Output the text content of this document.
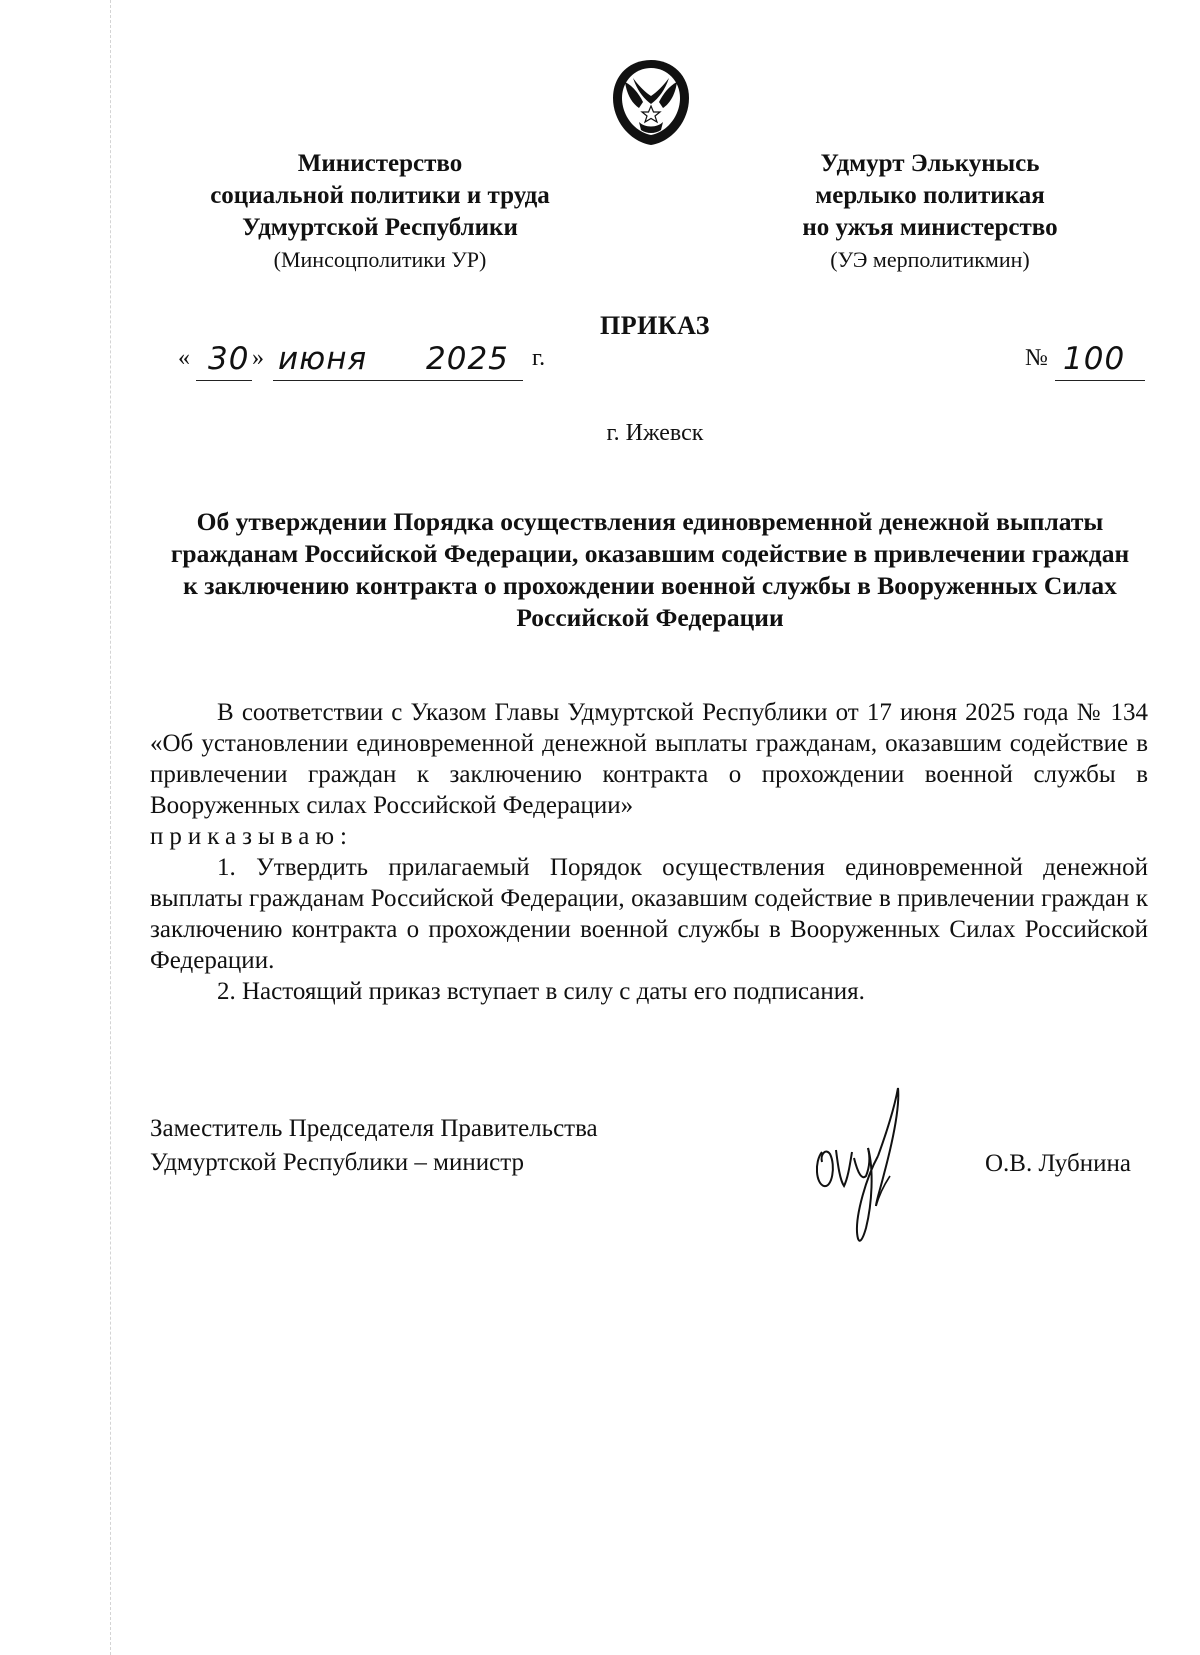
Министерство
социальной политики и труда
Удмуртской Республики
(Минсоцполитики УР)
Удмурт Элькунысь
мерлыко политикая
но ужъя министерство
(УЭ мерполитикмин)
ПРИКАЗ
« 30 » июня 2025 г.	№ 100
г. Ижевск
Об утверждении Порядка осуществления единовременной денежной выплаты гражданам Российской Федерации, оказавшим содействие в привлечении граждан к заключению контракта о прохождении военной службы в Вооруженных Силах Российской Федерации

В соответствии с Указом Главы Удмуртской Республики от 17 июня 2025 года № 134 «Об установлении единовременной денежной выплаты гражданам, оказавшим содействие в привлечении граждан к заключению контракта о прохождении военной службы в Вооруженных силах Российской Федерации»

приказываю:

1. Утвердить прилагаемый Порядок осуществления единовременной денежной выплаты гражданам Российской Федерации, оказавшим содействие в привлечении граждан к заключению контракта о прохождении военной службы в Вооруженных Силах Российской Федерации.

2. Настоящий приказ вступает в силу с даты его подписания.

Заместитель Председателя Правительства
Удмуртской Республики – министр	О.В. Лубнина
